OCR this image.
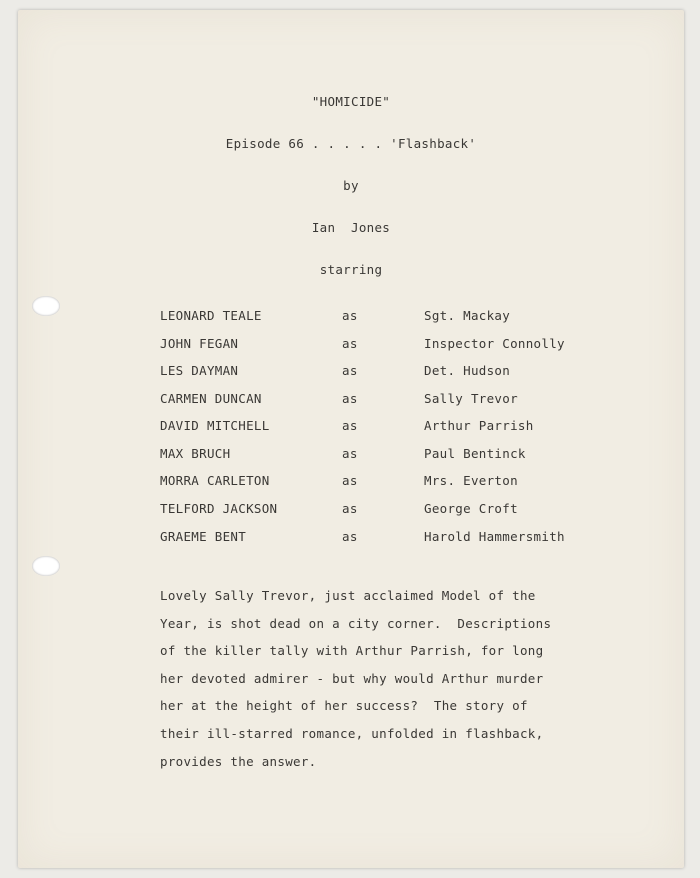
"HOMICIDE"
Episode 66 . . . . . 'Flashback'
by
Ian  Jones
starring
LEONARD TEALE	as	Sgt. Mackay
JOHN FEGAN	as	Inspector Connolly
LES DAYMAN	as	Det. Hudson
CARMEN DUNCAN	as	Sally Trevor
DAVID MITCHELL	as	Arthur Parrish
MAX BRUCH	as	Paul Bentinck
MORRA CARLETON	as	Mrs. Everton
TELFORD JACKSON	as	George Croft
GRAEME BENT	as	Harold Hammersmith
Lovely Sally Trevor, just acclaimed Model of the
Year, is shot dead on a city corner.  Descriptions
of the killer tally with Arthur Parrish, for long
her devoted admirer - but why would Arthur murder
her at the height of her success?  The story of
their ill-starred romance, unfolded in flashback,
provides the answer.
